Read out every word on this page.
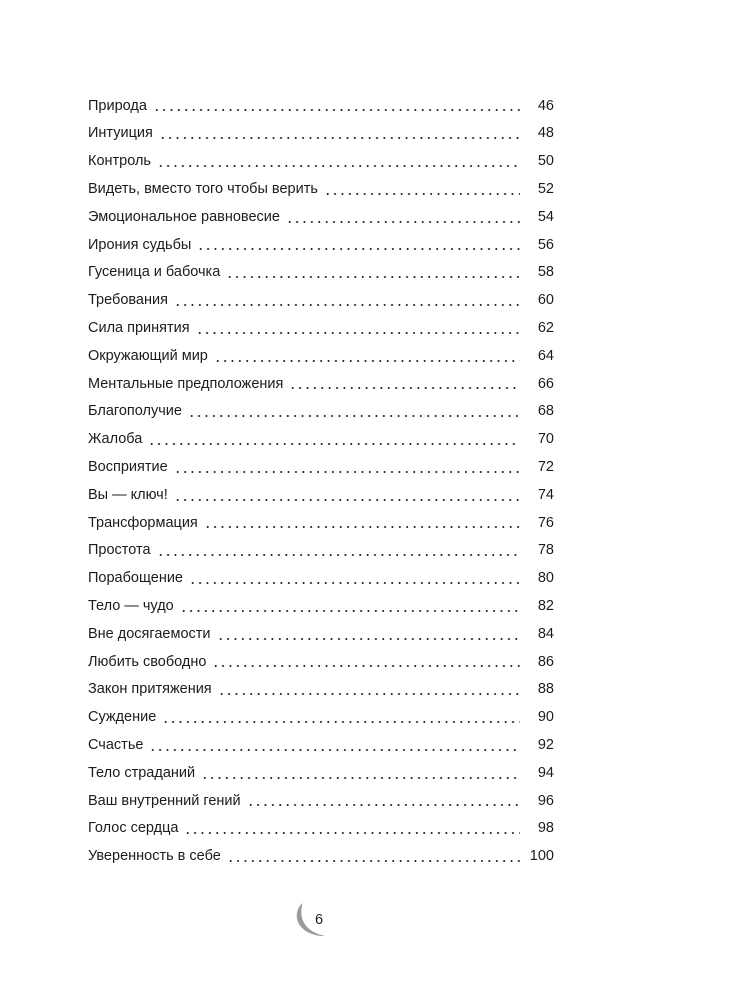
Природа	46
Интуиция	48
Контроль	50
Видеть, вместо того чтобы верить	52
Эмоциональное равновесие	54
Ирония судьбы	56
Гусеница и бабочка	58
Требования	60
Сила принятия	62
Окружающий мир	64
Ментальные предположения	66
Благополучие	68
Жалоба	70
Восприятие	72
Вы — ключ!	74
Трансформация	76
Простота	78
Порабощение	80
Тело — чудо	82
Вне досягаемости	84
Любить свободно	86
Закон притяжения	88
Суждение	90
Счастье	92
Тело страданий	94
Ваш внутренний гений	96
Голос сердца	98
Уверенность в себе	100
6
